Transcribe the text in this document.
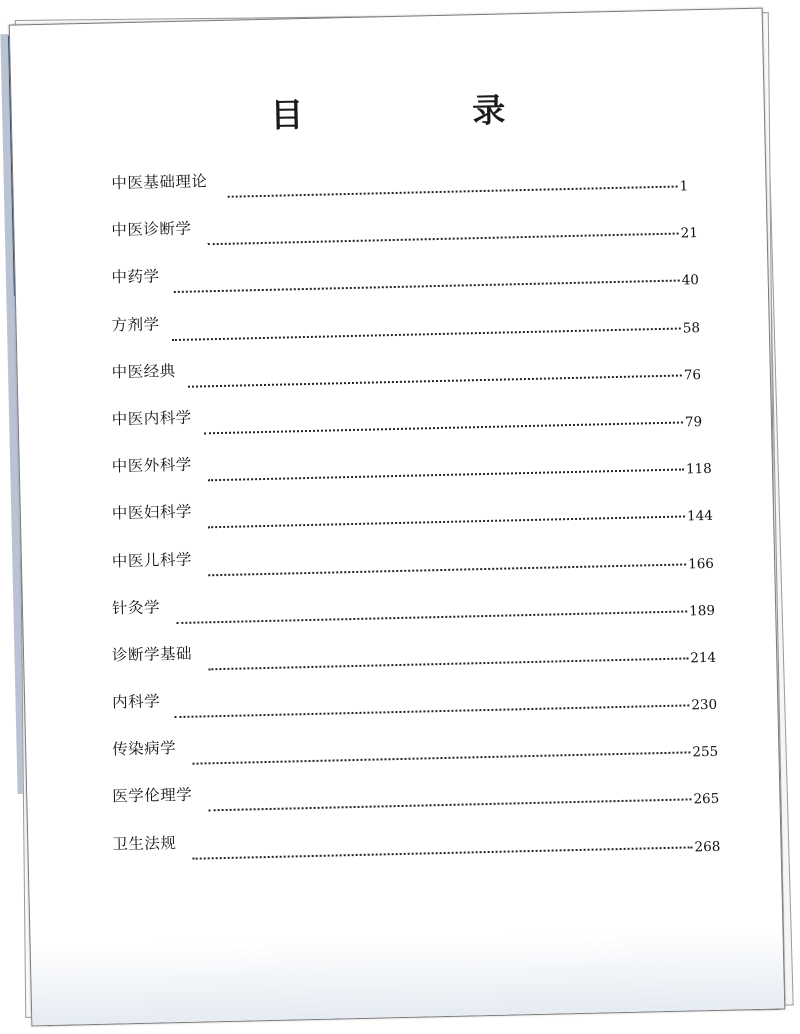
目　录
中医基础理论	1
中医诊断学	21
中药学	40
方剂学	58
中医经典	76
中医内科学	79
中医外科学	118
中医妇科学	144
中医儿科学	166
针灸学	189
诊断学基础	214
内科学	230
传染病学	255
医学伦理学	265
卫生法规	268
